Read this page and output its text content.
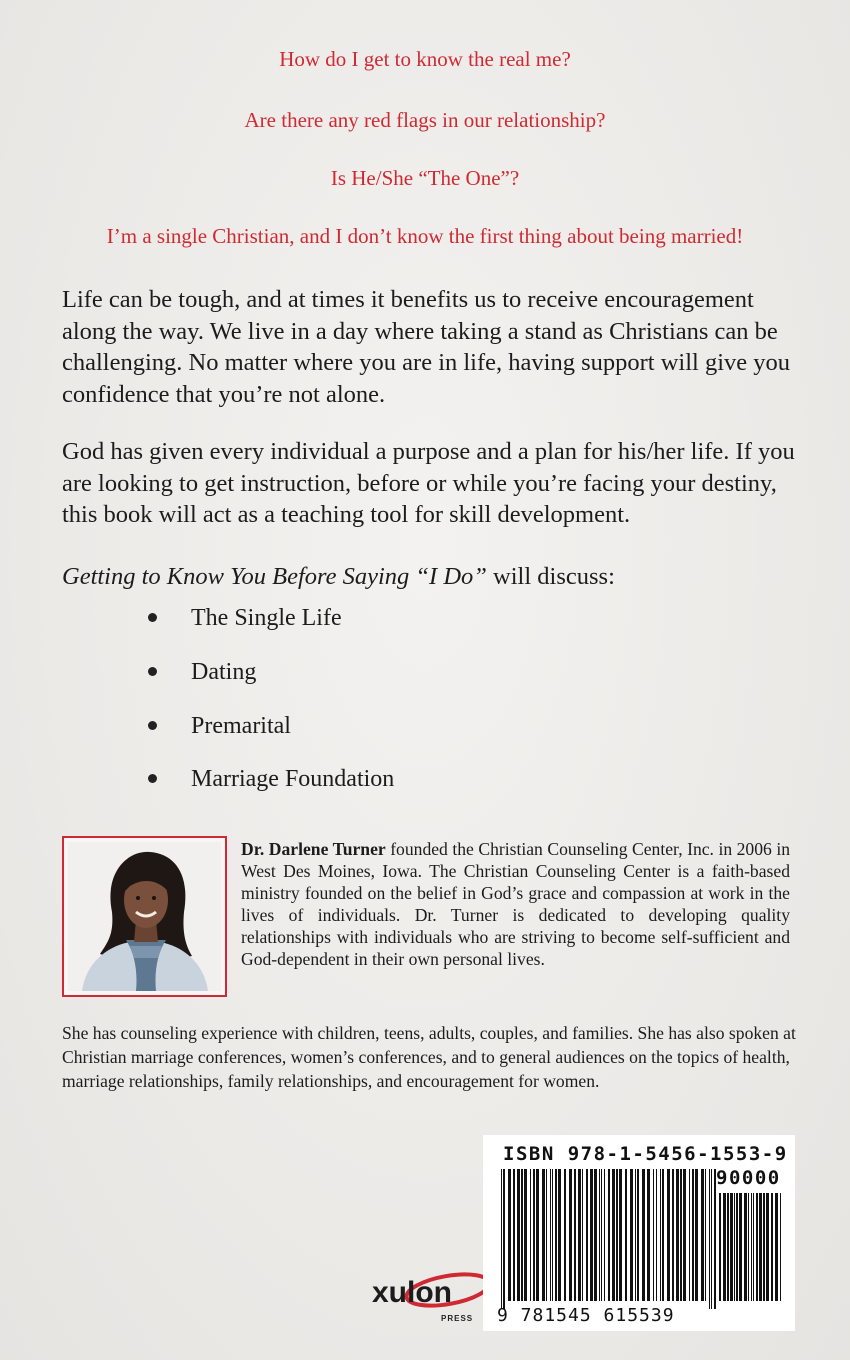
How do I get to know the real me?
Are there any red flags in our relationship?
Is He/She “The One”?
I’m a single Christian, and I don’t know the first thing about being married!
Life can be tough, and at times it benefits us to receive encouragement along the way. We live in a day where taking a stand as Christians can be challenging. No matter where you are in life, having support will give you confidence that you’re not alone.
God has given every individual a purpose and a plan for his/her life. If you are looking to get instruction, before or while you’re facing your destiny, this book will act as a teaching tool for skill development.
Getting to Know You Before Saying “I Do” will discuss:
The Single Life
Dating
Premarital
Marriage Foundation
Dr. Darlene Turner founded the Christian Counseling Center, Inc. in 2006 in West Des Moines, Iowa. The Christian Counseling Center is a faith-based ministry founded on the belief in God’s grace and compassion at work in the lives of individuals. Dr. Turner is dedicated to developing quality relationships with individuals who are striving to become self-sufficient and God-dependent in their own personal lives.
She has counseling experience with children, teens, adults, couples, and families. She has also spoken at Christian marriage conferences, women’s conferences, and to general audiences on the topics of health, marriage relationships, family relationships, and encouragement for women.
xulon
PRESS
ISBN 978-1-5456-1553-9
90000
9 781545 615539
